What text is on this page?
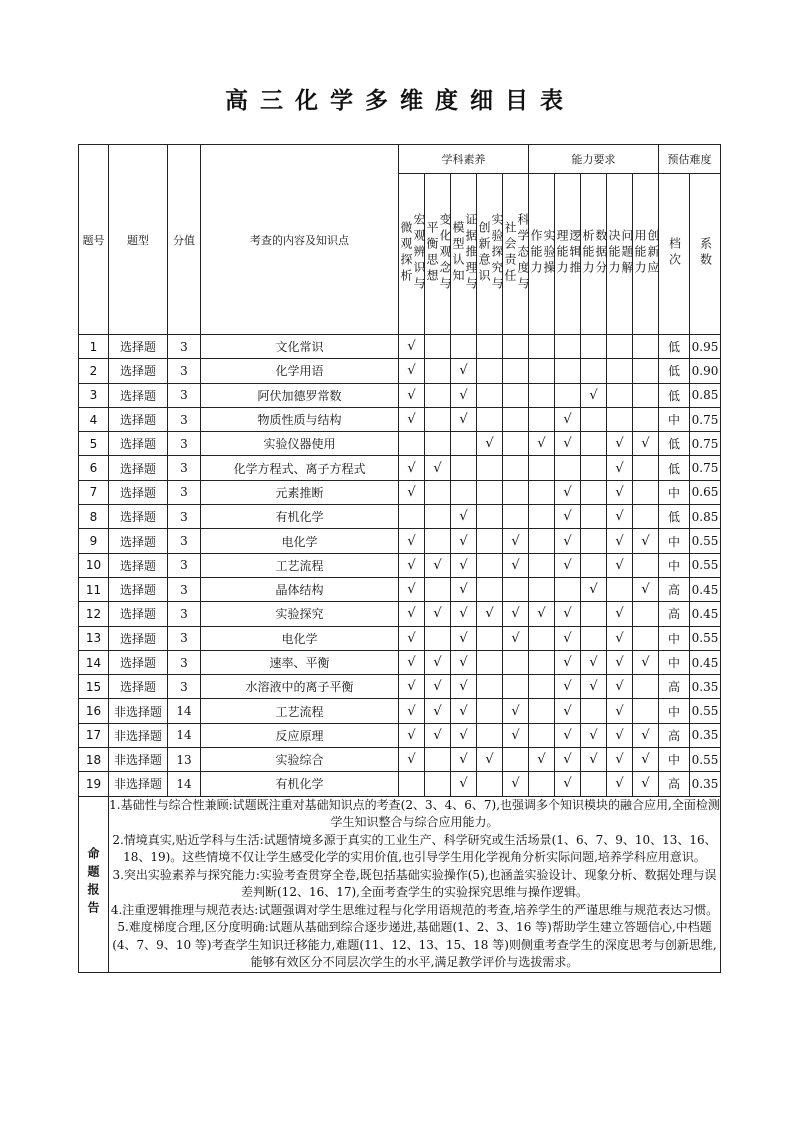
高三化学多维度细目表
题号	题型	分值	考查的内容及知识点	学科素养					能力要求					预估难度	
				宏观辨识与微观探析	变化观念与平衡思想	证据推理与模型认知	实验探究与创新意识	科学态度与社会责任	实验操作能力	逻辑推理能力	数据分析能力	问题解决能力	创新应用能力	档次	系数
1	选择题	3	文化常识	√										低	0.95
2	选择题	3	化学用语	√		√								低	0.90
3	选择题	3	阿伏加德罗常数	√		√					√			低	0.85
4	选择题	3	物质性质与结构	√		√				√				中	0.75
5	选择题	3	实验仪器使用				√		√	√		√	√	低	0.75
6	选择题	3	化学方程式、离子方程式	√	√							√		低	0.75
7	选择题	3	元素推断	√						√		√		中	0.65
8	选择题	3	有机化学			√				√		√		低	0.85
9	选择题	3	电化学	√		√		√		√		√	√	中	0.55
10	选择题	3	工艺流程	√	√	√		√		√		√		中	0.55
11	选择题	3	晶体结构	√		√					√		√	高	0.45
12	选择题	3	实验探究	√	√	√	√	√	√	√		√		高	0.45
13	选择题	3	电化学	√		√		√		√		√		中	0.55
14	选择题	3	速率、平衡	√	√	√				√	√	√	√	中	0.45
15	选择题	3	水溶液中的离子平衡	√	√	√				√	√	√		高	0.35
16	非选择题	14	工艺流程	√	√	√		√		√		√		中	0.55
17	非选择题	14	反应原理	√	√	√		√		√	√	√	√	高	0.35
18	非选择题	13	实验综合	√		√	√		√	√	√	√	√	中	0.55
19	非选择题	14	有机化学			√		√		√		√	√	高	0.35
命题报告	1.基础性与综合性兼顾:试题既注重对基础知识点的考查(2、3、4、6、7),也强调多个知识模块的融合应用,全面检测学生知识整合与综合应用能力。

2.情境真实,贴近学科与生活:试题情境多源于真实的工业生产、科学研究或生活场景(1、6、7、9、10、13、16、18、19)。这些情境不仅让学生感受化学的实用价值,也引导学生用化学视角分析实际问题,培养学科应用意识。

3.突出实验素养与探究能力:实验考查贯穿全卷,既包括基础实验操作(5),也涵盖实验设计、现象分析、数据处理与误差判断(12、16、17),全面考查学生的实验探究思维与操作逻辑。

4.注重逻辑推理与规范表达:试题强调对学生思维过程与化学用语规范的考查,培养学生的严谨思维与规范表达习惯。

5.难度梯度合理,区分度明确:试题从基础到综合逐步递进,基础题(1、2、3、16 等)帮助学生建立答题信心,中档题(4、7、9、10 等)考查学生知识迁移能力,难题(11、12、13、15、18 等)则侧重考查学生的深度思考与创新思维,能够有效区分不同层次学生的水平,满足教学评价与选拔需求。														
